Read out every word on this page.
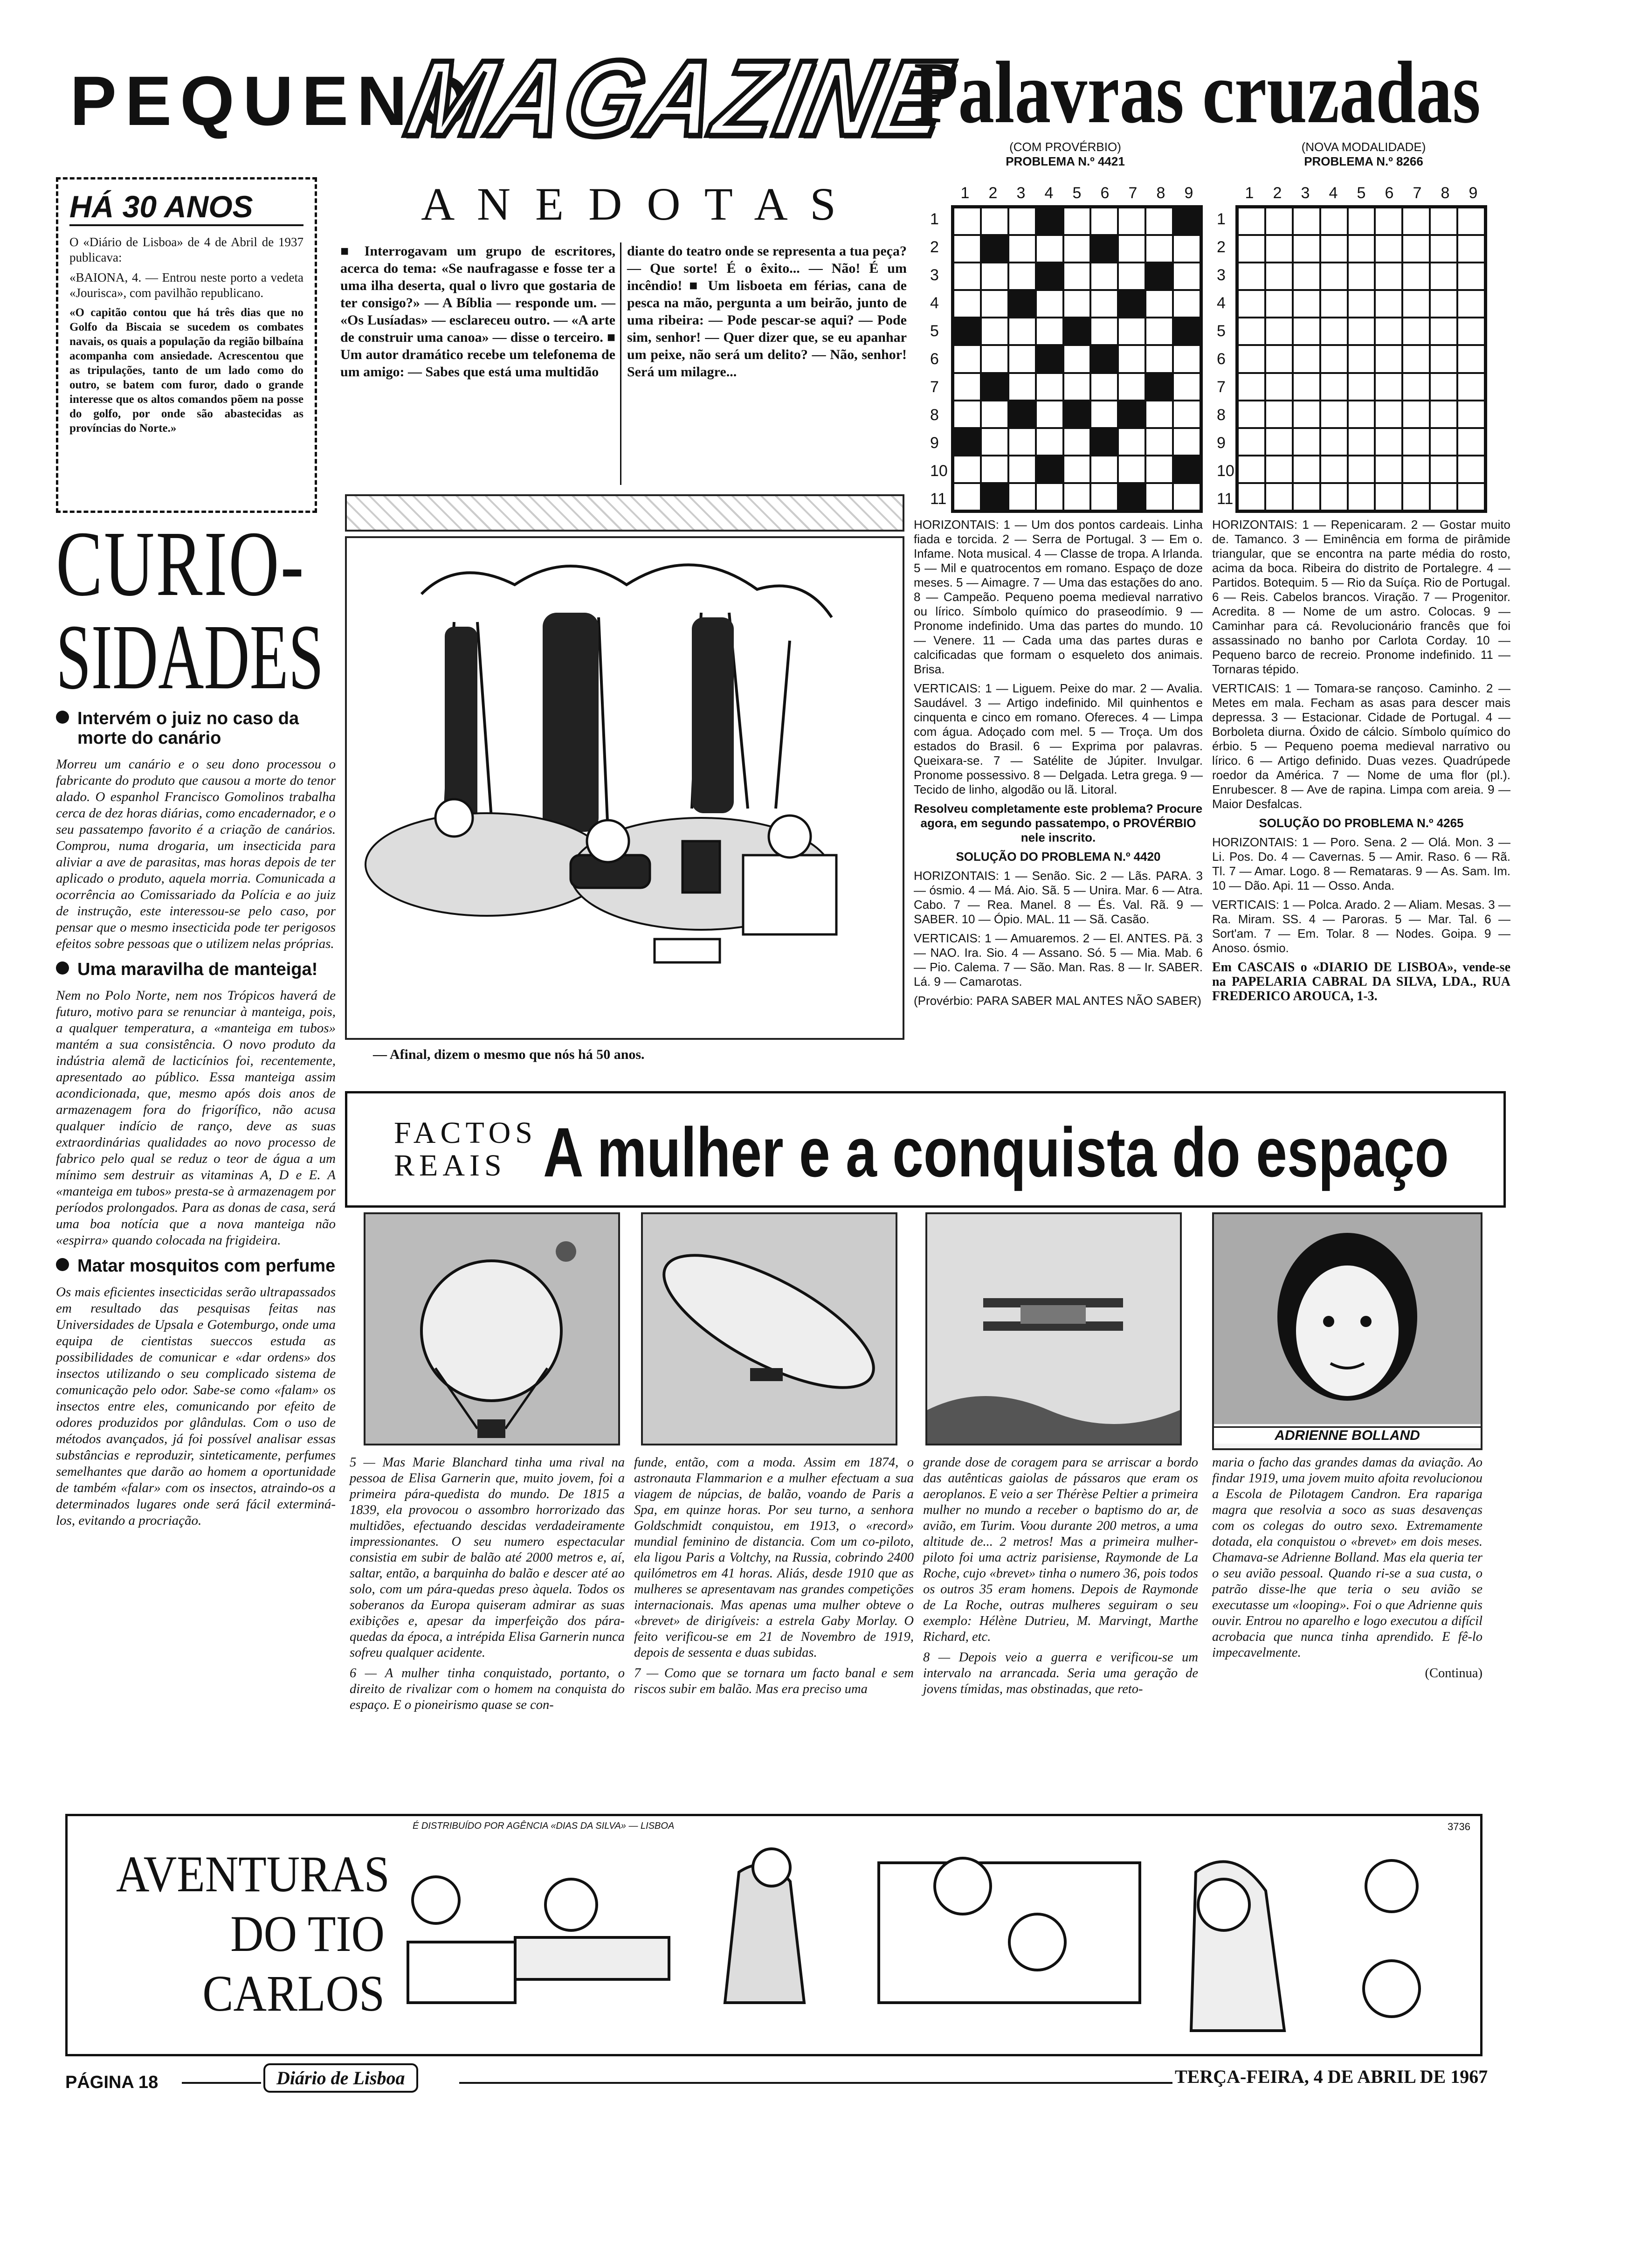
PEQUENO
MAGAZINE
Palavras cruzadas
HÁ 30 ANOS

O «Diário de Lisboa» de 4 de Abril de 1937 publicava:

«BAIONA, 4. — Entrou neste porto a vedeta «Jourisca», com pavilhão republicano.

«O capitão contou que há três dias que no Golfo da Biscaia se sucedem os combates navais, os quais a população da região bilbaína acompanha com ansiedade. Acrescentou que as tripulações, tanto de um lado como do outro, se batem com furor, dado o grande interesse que os altos comandos põem na posse do golfo, por onde são abastecidas as províncias do Norte.»

A N E D O T A S
■ Interrogavam um grupo de escritores, acerca do tema: «Se naufragasse e fosse ter a uma ilha deserta, qual o livro que gostaria de ter consigo?» — A Bíblia — responde um. — «Os Lusíadas» — esclareceu outro. — «A arte de construir uma canoa» — disse o terceiro. ■ Um autor dramático recebe um telefonema de um amigo: — Sabes que está uma multidão
diante do teatro onde se representa a tua peça? — Que sorte! É o êxito... — Não! É um incêndio! ■ Um lisboeta em férias, cana de pesca na mão, pergunta a um beirão, junto de uma ribeira: — Pode pescar-se aqui? — Pode sim, senhor! — Quer dizer que, se eu apanhar um peixe, não será um delito? — Não, senhor! Será um milagre...
— Afinal, dizem o mesmo que nós há 50 anos.
CURIO-
SIDADES
Intervém o juiz no caso da morte do canário

Morreu um canário e o seu dono processou o fabricante do produto que causou a morte do tenor alado. O espanhol Francisco Gomolinos trabalha cerca de dez horas diárias, como encadernador, e o seu passatempo favorito é a criação de canários. Comprou, numa drogaria, um insecticida para aliviar a ave de parasitas, mas horas depois de ter aplicado o produto, aquela morria. Comunicada a ocorrência ao Comissariado da Polícia e ao juiz de instrução, este interessou-se pelo caso, por pensar que o mesmo insecticida pode ter perigosos efeitos sobre pessoas que o utilizem nelas próprias.

Uma maravilha de manteiga!

Nem no Polo Norte, nem nos Trópicos haverá de futuro, motivo para se renunciar à manteiga, pois, a qualquer temperatura, a «manteiga em tubos» mantém a sua consistência. O novo produto da indústria alemã de lacticínios foi, recentemente, apresentado ao público. Essa manteiga assim acondicionada, que, mesmo após dois anos de armazenagem fora do frigorífico, não acusa qualquer indício de ranço, deve as suas extraordinárias qualidades ao novo processo de fabrico pelo qual se reduz o teor de água a um mínimo sem destruir as vitaminas A, D e E. A «manteiga em tubos» presta-se à armazenagem por períodos prolongados. Para as donas de casa, será uma boa notícia que a nova manteiga não «espirra» quando colocada na frigideira.

Matar mosquitos com perfume

Os mais eficientes insecticidas serão ultrapassados em resultado das pesquisas feitas nas Universidades de Upsala e Gotemburgo, onde uma equipa de cientistas sueccos estuda as possibilidades de comunicar e «dar ordens» dos insectos utilizando o seu complicado sistema de comunicação pelo odor. Sabe-se como «falam» os insectos entre eles, comunicando por efeito de odores produzidos por glândulas. Com o uso de métodos avançados, já foi possível analisar essas substâncias e reproduzir, sinteticamente, perfumes semelhantes que darão ao homem a oportunidade de também «falar» com os insectos, atraindo-os a determinados lugares onde será fácil exterminá-los, evitando a procriação.

(COM PROVÉRBIO)
PROBLEMA N.º 4421
1 2 3 4 5 6 7 8 9
1
2
3
4
5
6
7
8
9
10
11

HORIZONTAIS: 1 — Um dos pontos cardeais. Linha fiada e torcida. 2 — Serra de Portugal. 3 — Em o. Infame. Nota musical. 4 — Classe de tropa. A Irlanda. 5 — Mil e quatrocentos em romano. Espaço de doze meses. 5 — Aimagre. 7 — Uma das estações do ano. 8 — Campeão. Pequeno poema medieval narrativo ou lírico. Símbolo químico do praseodímio. 9 — Pronome indefinido. Uma das partes do mundo. 10 — Venere. 11 — Cada uma das partes duras e calcificadas que formam o esqueleto dos animais. Brisa.

VERTICAIS: 1 — Liguem. Peixe do mar. 2 — Avalia. Saudável. 3 — Artigo indefinido. Mil quinhentos e cinquenta e cinco em romano. Ofereces. 4 — Limpa com água. Adoçado com mel. 5 — Troça. Um dos estados do Brasil. 6 — Exprima por palavras. Queixara-se. 7 — Satélite de Júpiter. Invulgar. Pronome possessivo. 8 — Delgada. Letra grega. 9 — Tecido de linho, algodão ou lã. Litoral.

Resolveu completamente este problema? Procure agora, em segundo passatempo, o PROVÉRBIO nele inscrito.

SOLUÇÃO DO PROBLEMA N.º 4420

HORIZONTAIS: 1 — Senão. Sic. 2 — Lãs. PARA. 3 — ósmio. 4 — Má. Aio. Sã. 5 — Unira. Mar. 6 — Atra. Cabo. 7 — Rea. Manel. 8 — És. Val. Rã. 9 — SABER. 10 — Ópio. MAL. 11 — Sã. Casão.

VERTICAIS: 1 — Amuaremos. 2 — El. ANTES. Pã. 3 — NAO. Ira. Sio. 4 — Assano. Só. 5 — Mia. Mab. 6 — Pio. Calema. 7 — São. Man. Ras. 8 — Ir. SABER. Lá. 9 — Camarotas.

(Provérbio: PARA SABER MAL ANTES NÃO SABER)

(NOVA MODALIDADE)
PROBLEMA N.º 8266
1 2 3 4 5 6 7 8 9
1
2
3
4
5
6
7
8
9
10
11

HORIZONTAIS: 1 — Repenicaram. 2 — Gostar muito de. Tamanco. 3 — Eminência em forma de pirâmide triangular, que se encontra na parte média do rosto, acima da boca. Ribeira do distrito de Portalegre. 4 — Partidos. Botequim. 5 — Rio da Suíça. Rio de Portugal. 6 — Reis. Cabelos brancos. Viração. 7 — Progenitor. Acredita. 8 — Nome de um astro. Colocas. 9 — Caminhar para cá. Revolucionário francês que foi assassinado no banho por Carlota Corday. 10 — Pequeno barco de recreio. Pronome indefinido. 11 — Tornaras tépido.

VERTICAIS: 1 — Tomara-se rançoso. Caminho. 2 — Metes em mala. Fecham as asas para descer mais depressa. 3 — Estacionar. Cidade de Portugal. 4 — Borboleta diurna. Óxido de cálcio. Símbolo químico do érbio. 5 — Pequeno poema medieval narrativo ou lírico. 6 — Artigo definido. Duas vezes. Quadrúpede roedor da América. 7 — Nome de uma flor (pl.). Enrubescer. 8 — Ave de rapina. Limpa com areia. 9 — Maior Desfalcas.

SOLUÇÃO DO PROBLEMA N.º 4265

HORIZONTAIS: 1 — Poro. Sena. 2 — Olá. Mon. 3 — Li. Pos. Do. 4 — Cavernas. 5 — Amir. Raso. 6 — Rã. Tl. 7 — Amar. Logo. 8 — Remataras. 9 — As. Sam. Im. 10 — Dão. Api. 11 — Osso. Anda.

VERTICAIS: 1 — Polca. Arado. 2 — Aliam. Mesas. 3 — Ra. Miram. SS. 4 — Paroras. 5 — Mar. Tal. 6 — Sort'am. 7 — Em. Tolar. 8 — Nodes. Goipa. 9 — Anoso. ósmio.

Em CASCAIS o «DIARIO DE LISBOA», vende-se na PAPELARIA CABRAL DA SILVA, LDA., RUA FREDERICO AROUCA, 1-3.

FACTOS
REAIS A mulher e a conquista do espaço
ADRIENNE BOLLAND

5 — Mas Marie Blanchard tinha uma rival na pessoa de Elisa Garnerin que, muito jovem, foi a primeira pára-quedista do mundo. De 1815 a 1839, ela provocou o assombro horrorizado das multidões, efectuando descidas verdadeiramente impressionantes. O seu numero espectacular consistia em subir de balão até 2000 metros e, aí, saltar, então, a barquinha do balão e descer até ao solo, com um pára-quedas preso àquela. Todos os soberanos da Europa quiseram admirar as suas exibições e, apesar da imperfeição dos pára-quedas da época, a intrépida Elisa Garnerin nunca sofreu qualquer acidente.

6 — A mulher tinha conquistado, portanto, o direito de rivalizar com o homem na conquista do espaço. E o pioneirismo quase se con-

funde, então, com a moda. Assim em 1874, o astronauta Flammarion e a mulher efectuam a sua viagem de núpcias, de balão, voando de Paris a Spa, em quinze horas. Por seu turno, a senhora Goldschmidt conquistou, em 1913, o «record» mundial feminino de distancia. Com um co-piloto, ela ligou Paris a Voltchy, na Russia, cobrindo 2400 quilómetros em 41 horas. Aliás, desde 1910 que as mulheres se apresentavam nas grandes competições internacionais. Mas apenas uma mulher obteve o «brevet» de dirigíveis: a estrela Gaby Morlay. O feito verificou-se em 21 de Novembro de 1919, depois de sessenta e duas subidas.

7 — Como que se tornara um facto banal e sem riscos subir em balão. Mas era preciso uma

grande dose de coragem para se arriscar a bordo das autênticas gaiolas de pássaros que eram os aeroplanos. E veio a ser Thérèse Peltier a primeira mulher no mundo a receber o baptismo do ar, de avião, em Turim. Voou durante 200 metros, a uma altitude de... 2 metros! Mas a primeira mulher-piloto foi uma actriz parisiense, Raymonde de La Roche, cujo «brevet» tinha o numero 36, pois todos os outros 35 eram homens. Depois de Raymonde de La Roche, outras mulheres seguiram o seu exemplo: Hélène Dutrieu, M. Marvingt, Marthe Richard, etc.

8 — Depois veio a guerra e verificou-se um intervalo na arrancada. Seria uma geração de jovens tímidas, mas obstinadas, que reto-

maria o facho das grandes damas da aviação. Ao findar 1919, uma jovem muito afoita revolucionou a Escola de Pilotagem Candron. Era rapariga magra que resolvia a soco as suas desavenças com os colegas do outro sexo. Extremamente dotada, ela conquistou o «brevet» em dois meses. Chamava-se Adrienne Bolland. Mas ela queria ter o seu avião pessoal. Quando ri-se a sua custa, o patrão disse-lhe que teria o seu avião se executasse um «looping». Foi o que Adrienne quis ouvir. Entrou no aparelho e logo executou a difícil acrobacia que nunca tinha aprendido. E fê-lo impecavelmente.

(Continua)

AVENTURAS
DO TIO
CARLOS
É DISTRIBUÍDO POR AGÊNCIA «DIAS DA SILVA» — LISBOA	3736
PÁGINA 18	Diário de Lisboa	TERÇA-FEIRA, 4 DE ABRIL DE 1967
